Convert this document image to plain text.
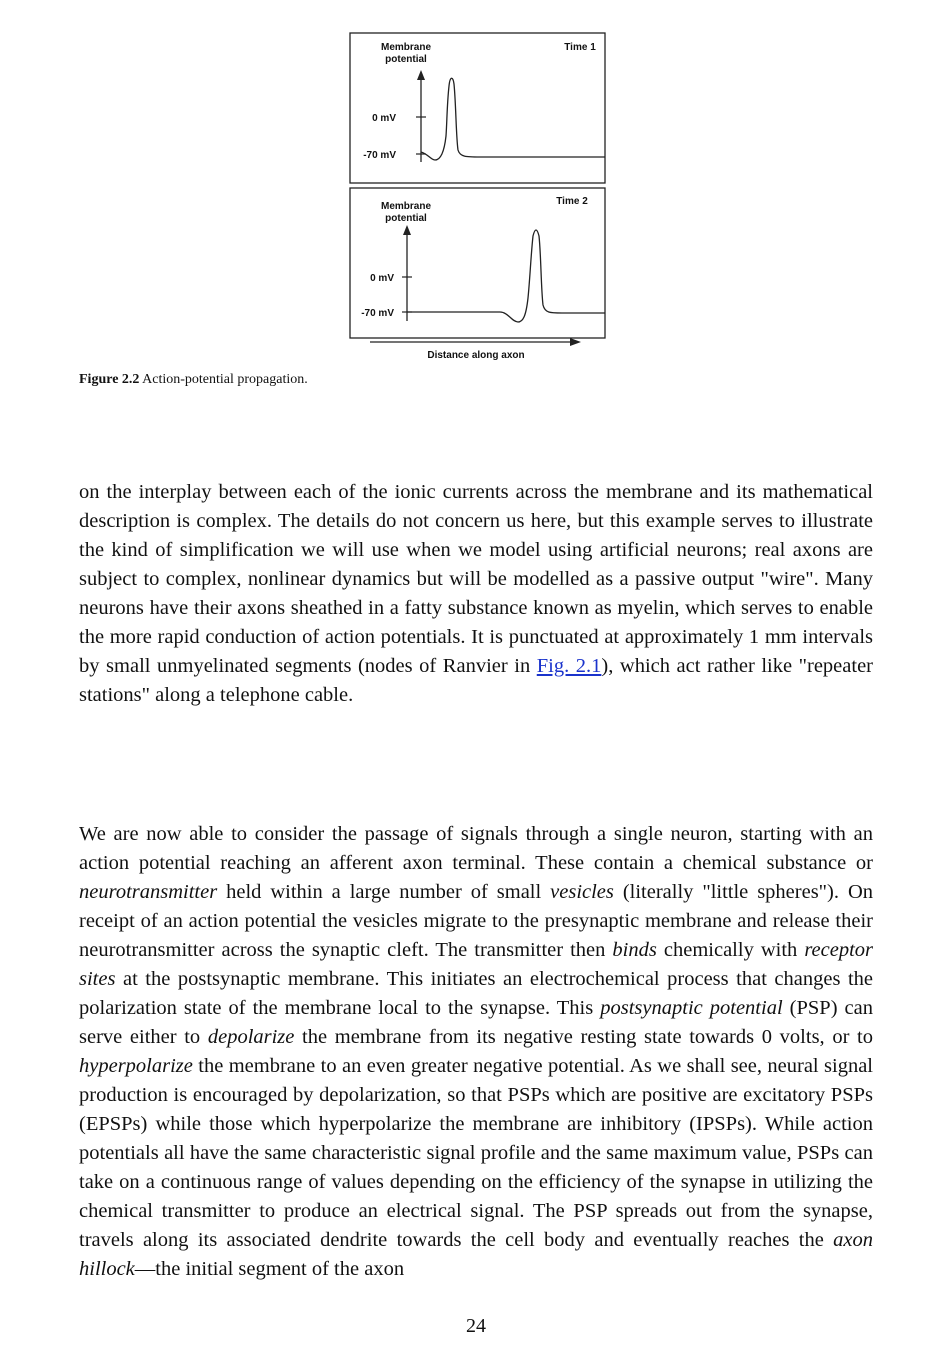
Membrane
potential
Time 1
0 mV
-70 mV
Membrane
potential
Time 2
0 mV
-70 mV
Distance along axon
Figure 2.2 Action-potential propagation.

on the interplay between each of the ionic currents across the membrane and its mathematical description is complex. The details do not concern us here, but this example serves to illustrate the kind of simplification we will use when we model using artificial neurons; real axons are subject to complex, nonlinear dynamics but will be modelled as a passive output "wire". Many neurons have their axons sheathed in a fatty substance known as myelin, which serves to enable the more rapid conduction of action potentials. It is punctuated at approximately 1 mm intervals by small unmyelinated segments (nodes of Ranvier in Fig. 2.1), which act rather like "repeater stations" along a telephone cable.

We are now able to consider the passage of signals through a single neuron, starting with an action potential reaching an afferent axon terminal. These contain a chemical substance or neurotransmitter held within a large number of small vesicles (literally "little spheres"). On receipt of an action potential the vesicles migrate to the presynaptic membrane and release their neurotransmitter across the synaptic cleft. The transmitter then binds chemically with receptor sites at the postsynaptic membrane. This initiates an electrochemical process that changes the polarization state of the membrane local to the synapse. This postsynaptic potential (PSP) can serve either to depolarize the membrane from its negative resting state towards 0 volts, or to hyperpolarize the membrane to an even greater negative potential. As we shall see, neural signal production is encouraged by depolarization, so that PSPs which are positive are excitatory PSPs (EPSPs) while those which hyperpolarize the membrane are inhibitory (IPSPs). While action potentials all have the same characteristic signal profile and the same maximum value, PSPs can take on a continuous range of values depending on the efficiency of the synapse in utilizing the chemical transmitter to produce an electrical signal. The PSP spreads out from the synapse, travels along its associated dendrite towards the cell body and eventually reaches the axon hillock—the initial segment of the axon

24
